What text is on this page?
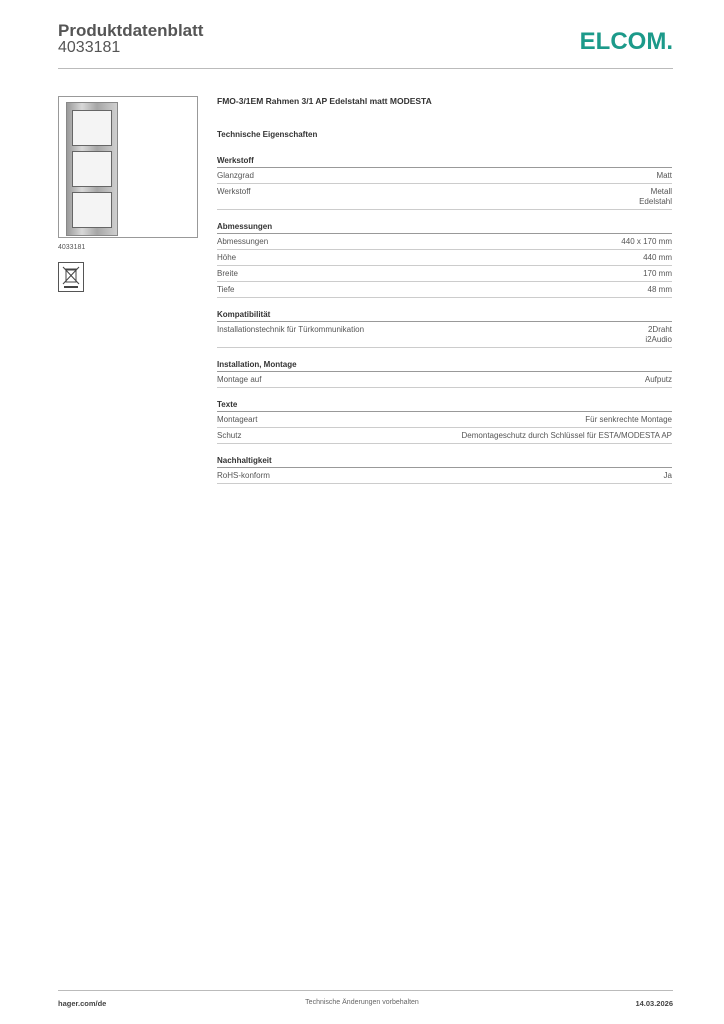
Produktdatenblatt
4033181	ELCOM.
4033181
FMO-3/1EM Rahmen 3/1 AP Edelstahl matt MODESTA
Technische Eigenschaften
Werkstoff
Glanzgrad	Matt
Werkstoff	Metall
Edelstahl
Abmessungen
Abmessungen	440 x 170 mm
Höhe	440 mm
Breite	170 mm
Tiefe	48 mm
Kompatibilität
Installationstechnik für Türkommunikation	2Draht
i2Audio
Installation, Montage
Montage auf	Aufputz
Texte
Montageart	Für senkrechte Montage
Schutz	Demontageschutz durch Schlüssel für ESTA/MODESTA AP
Nachhaltigkeit
RoHS-konform	Ja
hager.com/de	Technische Änderungen vorbehalten	14.03.2026
